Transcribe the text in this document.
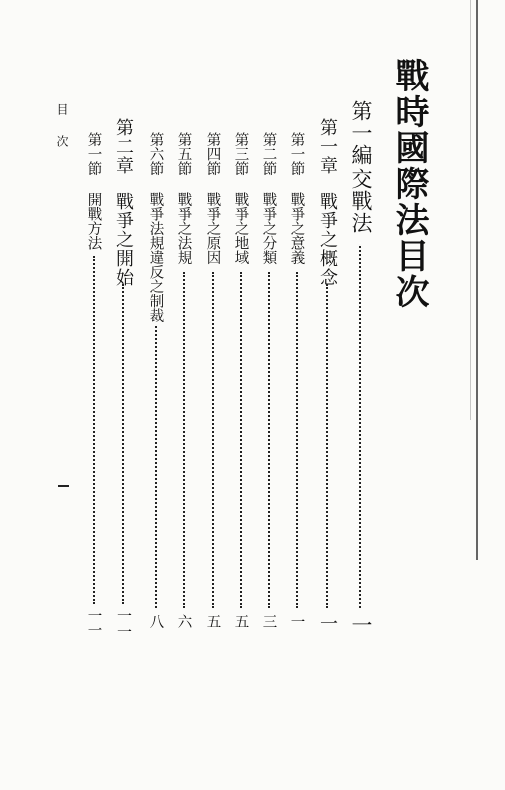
戰時國際法目次
第一編
交戰法
一
第一章
戰爭之概念
一
第一節
戰爭之意義
一
第二節
戰爭之分類
三
第三節
戰爭之地域
五
第四節
戰爭之原因
五
第五節
戰爭之法規
六
第六節
戰爭法規違反之制裁
八
第二章
戰爭之開始
一一
第一節
開戰方法
一一
目次
